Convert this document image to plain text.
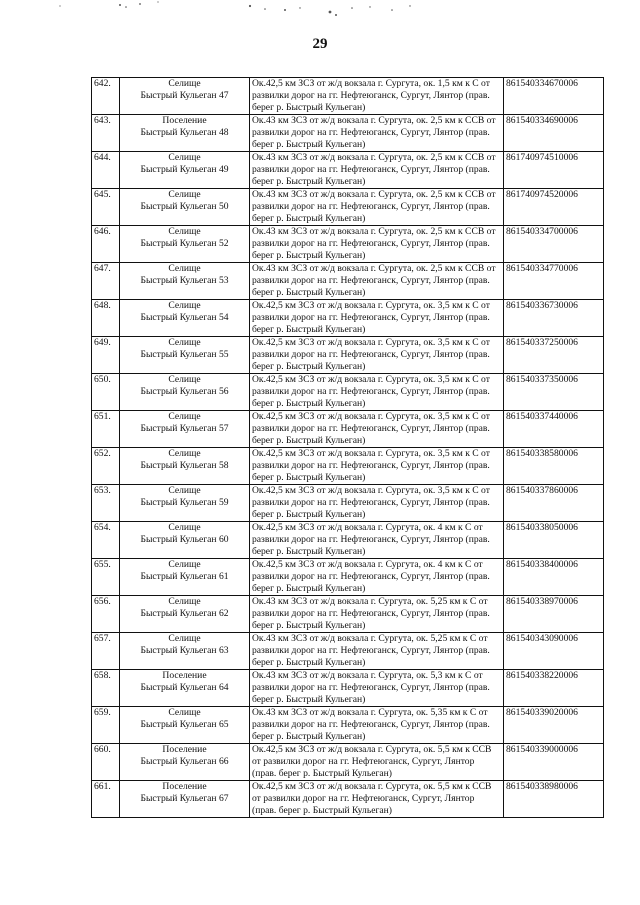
29
642.	Селище
Быстрый Кульеган 47	Ок.42,5 км ЗСЗ от ж/д вокзала г. Сургута, ок. 1,5 км к С от развилки дорог на гг. Нефтеюганск, Сургут, Лянтор (прав. берег р. Быстрый Кульеган)	861540334670006
643.	Поселение
Быстрый Кульеган 48	Ок.43 км ЗСЗ от ж/д вокзала г. Сургута, ок. 2,5 км к ССВ от развилки дорог на гг. Нефтеюганск, Сургут, Лянтор (прав. берег р. Быстрый Кульеган)	861540334690006
644.	Селище
Быстрый Кульеган 49	Ок.43 км ЗСЗ от ж/д вокзала г. Сургута, ок. 2,5 км к ССВ от развилки дорог на гг. Нефтеюганск, Сургут, Лянтор (прав. берег р. Быстрый Кульеган)	861740974510006
645.	Селище
Быстрый Кульеган 50	Ок.43 км ЗСЗ от ж/д вокзала г. Сургута, ок. 2,5 км к ССВ от развилки дорог на гг. Нефтеюганск, Сургут, Лянтор (прав. берег р. Быстрый Кульеган)	861740974520006
646.	Селище
Быстрый Кульеган 52	Ок.43 км ЗСЗ от ж/д вокзала г. Сургута, ок. 2,5 км к ССВ от развилки дорог на гг. Нефтеюганск, Сургут, Лянтор (прав. берег р. Быстрый Кульеган)	861540334700006
647.	Селище
Быстрый Кульеган 53	Ок.43 км ЗСЗ от ж/д вокзала г. Сургута, ок. 2,5 км к ССВ от развилки дорог на гг. Нефтеюганск, Сургут, Лянтор (прав. берег р. Быстрый Кульеган)	861540334770006
648.	Селище
Быстрый Кульеган 54	Ок.42,5 км ЗСЗ от ж/д вокзала г. Сургута, ок. 3,5 км к С от развилки дорог на гг. Нефтеюганск, Сургут, Лянтор (прав. берег р. Быстрый Кульеган)	861540336730006
649.	Селище
Быстрый Кульеган 55	Ок.42,5 км ЗСЗ от ж/д вокзала г. Сургута, ок. 3,5 км к С от развилки дорог на гг. Нефтеюганск, Сургут, Лянтор (прав. берег р. Быстрый Кульеган)	861540337250006
650.	Селище
Быстрый Кульеган 56	Ок.42,5 км ЗСЗ от ж/д вокзала г. Сургута, ок. 3,5 км к С от развилки дорог на гг. Нефтеюганск, Сургут, Лянтор (прав. берег р. Быстрый Кульеган)	861540337350006
651.	Селище
Быстрый Кульеган 57	Ок.42,5 км ЗСЗ от ж/д вокзала г. Сургута, ок. 3,5 км к С от развилки дорог на гг. Нефтеюганск, Сургут, Лянтор (прав. берег р. Быстрый Кульеган)	861540337440006
652.	Селище
Быстрый Кульеган 58	Ок.42,5 км ЗСЗ от ж/д вокзала г. Сургута, ок. 3,5 км к С от развилки дорог на гг. Нефтеюганск, Сургут, Лянтор (прав. берег р. Быстрый Кульеган)	861540338580006
653.	Селище
Быстрый Кульеган 59	Ок.42,5 км ЗСЗ от ж/д вокзала г. Сургута, ок. 3,5 км к С от развилки дорог на гг. Нефтеюганск, Сургут, Лянтор (прав. берег р. Быстрый Кульеган)	861540337860006
654.	Селище
Быстрый Кульеган 60	Ок.42,5 км ЗСЗ от ж/д вокзала г. Сургута, ок. 4 км к С от развилки дорог на гг. Нефтеюганск, Сургут, Лянтор (прав. берег р. Быстрый Кульеган)	861540338050006
655.	Селище
Быстрый Кульеган 61	Ок.42,5 км ЗСЗ от ж/д вокзала г. Сургута, ок. 4 км к С от развилки дорог на гг. Нефтеюганск, Сургут, Лянтор (прав. берег р. Быстрый Кульеган)	861540338400006
656.	Селище
Быстрый Кульеган 62	Ок.43 км ЗСЗ от ж/д вокзала г. Сургута, ок. 5,25 км к С от развилки дорог на гг. Нефтеюганск, Сургут, Лянтор (прав. берег р. Быстрый Кульеган)	861540338970006
657.	Селище
Быстрый Кульеган 63	Ок.43 км ЗСЗ от ж/д вокзала г. Сургута, ок. 5,25 км к С от развилки дорог на гг. Нефтеюганск, Сургут, Лянтор (прав. берег р. Быстрый Кульеган)	861540343090006
658.	Поселение
Быстрый Кульеган 64	Ок.43 км ЗСЗ от ж/д вокзала г. Сургута, ок. 5,3 км к С от развилки дорог на гг. Нефтеюганск, Сургут, Лянтор (прав. берег р. Быстрый Кульеган)	861540338220006
659.	Селище
Быстрый Кульеган 65	Ок.43 км ЗСЗ от ж/д вокзала г. Сургута, ок. 5,35 км к С от развилки дорог на гг. Нефтеюганск, Сургут, Лянтор (прав. берег р. Быстрый Кульеган)	861540339020006
660.	Поселение
Быстрый Кульеган 66	Ок.42,5 км ЗСЗ от ж/д вокзала г. Сургута, ок. 5,5 км к ССВ от развилки дорог на гг. Нефтеюганск, Сургут, Лянтор (прав. берег р. Быстрый Кульеган)	861540339000006
661.	Поселение
Быстрый Кульеган 67	Ок.42,5 км ЗСЗ от ж/д вокзала г. Сургута, ок. 5,5 км к ССВ от развилки дорог на гг. Нефтеюганск, Сургут, Лянтор (прав. берег р. Быстрый Кульеган)	861540338980006
